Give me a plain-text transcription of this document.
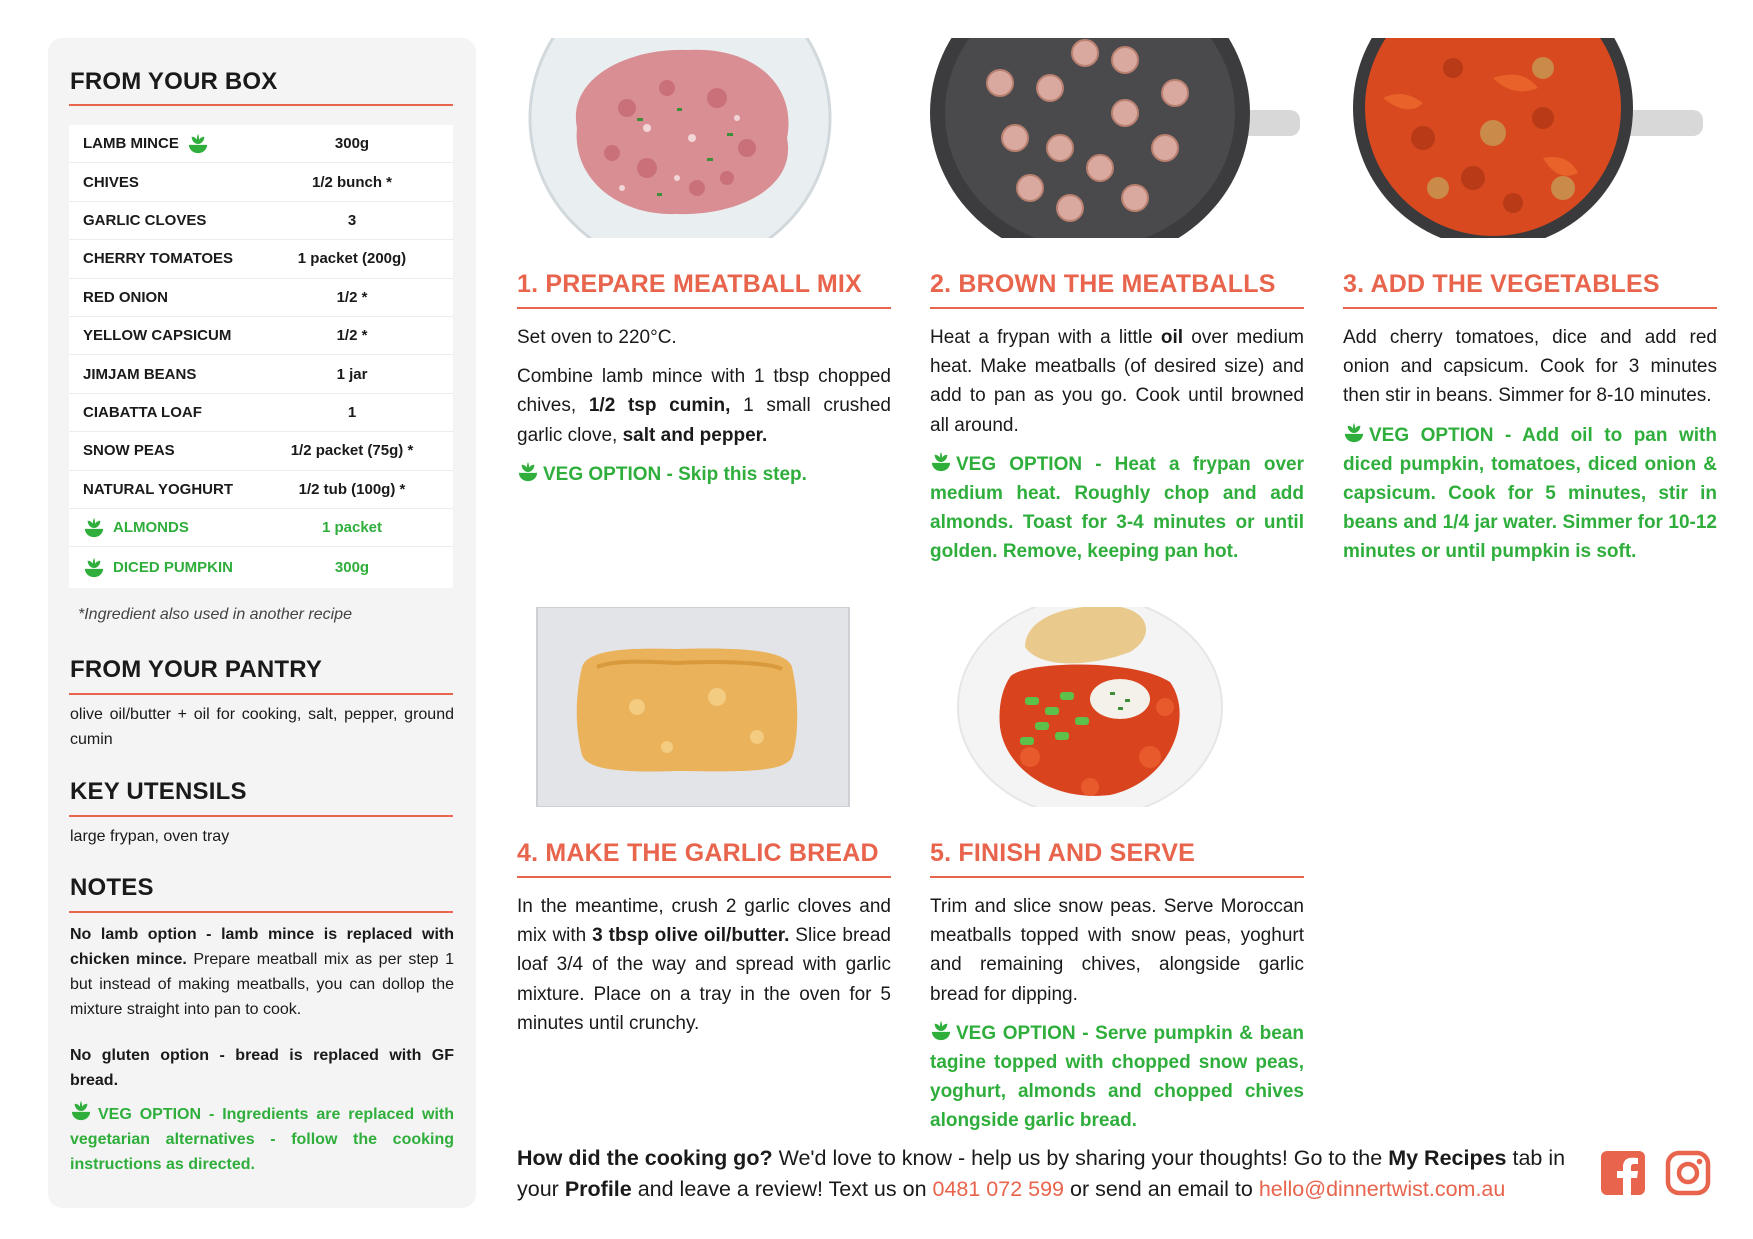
FROM YOUR BOX
LAMB MINCE	300g
CHIVES	1/2 bunch *
GARLIC CLOVES	3
CHERRY TOMATOES	1 packet (200g)
RED ONION	1/2 *
YELLOW CAPSICUM	1/2 *
JIMJAM BEANS	1 jar
CIABATTA LOAF	1
SNOW PEAS	1/2 packet (75g) *
NATURAL YOGHURT	1/2 tub (100g) *
ALMONDS	1 packet
DICED PUMPKIN	300g
*Ingredient also used in another recipe
FROM YOUR PANTRY
olive oil/butter + oil for cooking, salt, pepper, ground cumin
KEY UTENSILS
large frypan, oven tray
NOTES
No lamb option - lamb mince is replaced with chicken mince. Prepare meatball mix as per step 1 but instead of making meatballs, you can dollop the mixture straight into pan to cook.
No gluten option - bread is replaced with GF bread.
VEG OPTION - Ingredients are replaced with vegetarian alternatives - follow the cooking instructions as directed.
1. PREPARE MEATBALL MIX

Set oven to 220°C.

Combine lamb mince with 1 tbsp chopped chives, 1/2 tsp cumin, 1 small crushed garlic clove, salt and pepper.

VEG OPTION - Skip this step.

2. BROWN THE MEATBALLS

Heat a frypan with a little oil over medium heat. Make meatballs (of desired size) and add to pan as you go. Cook until browned all around.

VEG OPTION - Heat a frypan over medium heat. Roughly chop and add almonds. Toast for 3-4 minutes or until golden. Remove, keeping pan hot.

3. ADD THE VEGETABLES

Add cherry tomatoes, dice and add red onion and capsicum. Cook for 3 minutes then stir in beans. Simmer for 8-10 minutes.

VEG OPTION - Add oil to pan with diced pumpkin, tomatoes, diced onion & capsicum. Cook for 5 minutes, stir in beans and 1/4 jar water. Simmer for 10-12 minutes or until pumpkin is soft.

4. MAKE THE GARLIC BREAD

In the meantime, crush 2 garlic cloves and mix with 3 tbsp olive oil/butter. Slice bread loaf 3/4 of the way and spread with garlic mixture. Place on a tray in the oven for 5 minutes until crunchy.

5. FINISH AND SERVE

Trim and slice snow peas. Serve Moroccan meatballs topped with snow peas, yoghurt and remaining chives, alongside garlic bread for dipping.

VEG OPTION - Serve pumpkin & bean tagine topped with chopped snow peas, yoghurt, almonds and chopped chives alongside garlic bread.

How did the cooking go? We'd love to know - help us by sharing your thoughts! Go to the My Recipes tab in your Profile and leave a review! Text us on 0481 072 599 or send an email to hello@dinnertwist.com.au
